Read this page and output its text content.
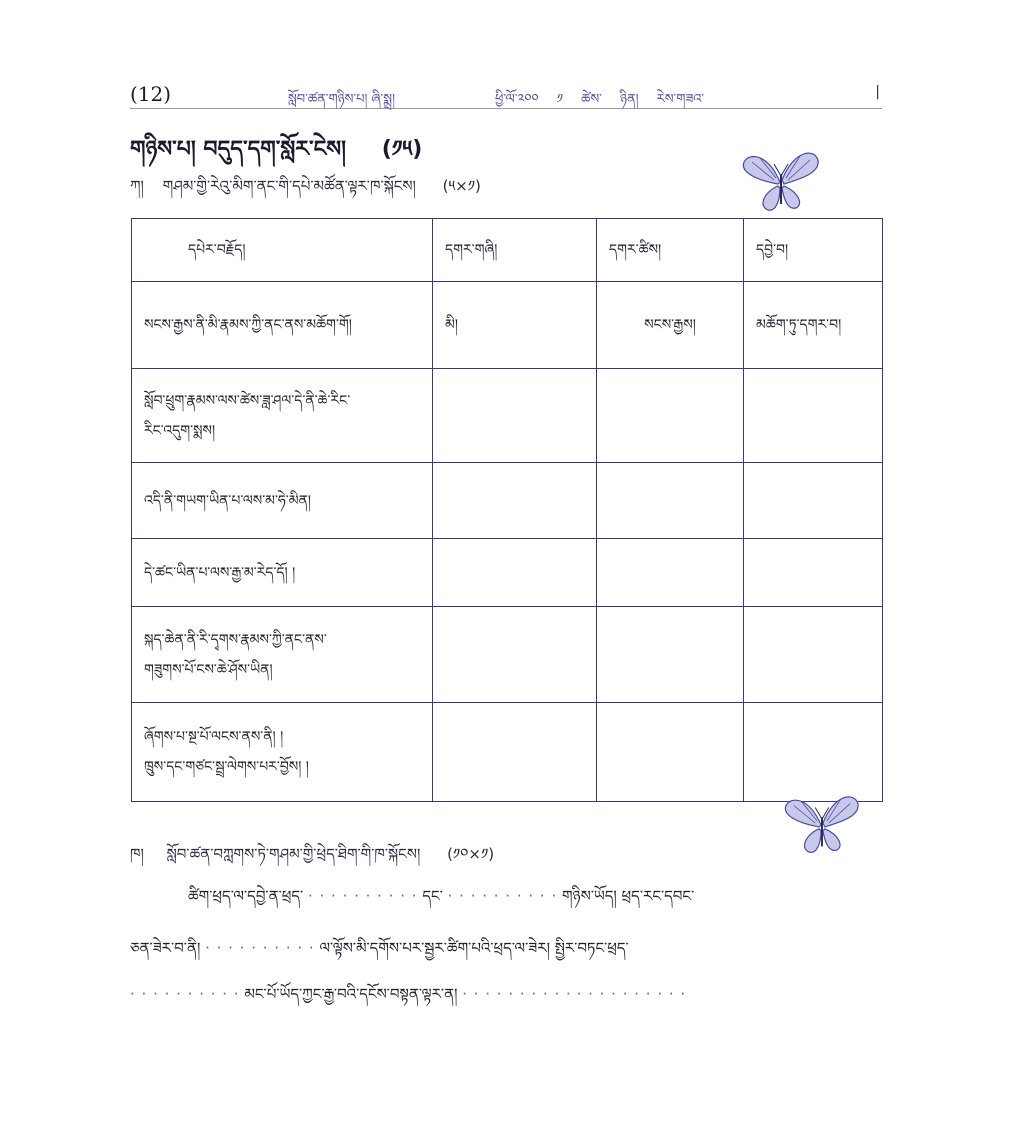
(12)	སློབ་ཚན་གཉིས་པ། ཞི་སྨྲ།	ཕྱི་ལོ་༢༠༠ ༡ ཚེས་ ཉིན། རེས་གཟའ་	|
གཉིས་པ། བདུད་དག་སློར་ངེས། (༡༥)
ཀ། གཤམ་གྱི་རེའུ་མིག་ནང་གི་དཔེ་མཚོན་ལྟར་ཁ་སྐོངས། (༥×༡)
དཔེར་བརྗོད།	དགར་གཞི།	དགར་ཚིས།	དབྱེ་བ།

སངས་རྒྱས་ནི་མི་རྣམས་ཀྱི་ནང་ནས་མཆོག་གོ།	མི།	སངས་རྒྱས།	མཆོག་ཏུ་དགར་བ།

སློབ་ཕྲུག་རྣམས་ལས་ཚེས་ཟླ་ཤལ་དེ་ནི་ཆེ་རིང་
རིང་འདུག་སྨས།			

འདི་ནི་གཡག་ཡིན་པ་ལས་མ་ཧེ་མིན།			

དེ་ཚང་ཡིན་པ་ལས་རྒྱ་མ་རེད་དོ། །			

སྐད་ཆེན་ནི་རི་དྭགས་རྣམས་ཀྱི་ནང་ནས་
གཟུགས་པོ་ངས་ཆེ་ཤོས་ཡིན།			

ཞོགས་པ་སྔ་པོ་ལངས་ནས་ནི། །
ཁྲུས་དང་གཙང་སྦྲ་ལེགས་པར་བྱོས། །			

ཁ། སློབ་ཚན་བཀླགས་ཏེ་གཤམ་གྱི་ཕྲེད་ཐིག་གི་ཁ་སྐོངས། (༡༠×༡)
ཚིག་ཕྲད་ལ་དབྱེ་ན་ཕྲད་ · · · · · · · · · · དང་ · · · · · · · · · · གཉིས་ཡོད། ཕྲད་རང་དབང་
ཅན་ཟེར་བ་ནི། · · · · · · · · · · ལ་ལྟོས་མི་དགོས་པར་སྦྱར་ཚིག་པའི་ཕྲད་ལ་ཟེར། སྤྱིར་བཏང་ཕྲད་
· · · · · · · · · · མང་པོ་ཡོད་ཀྱང་རྒྱ་བའི་དངོས་བསྟན་ལྟར་ན། · · · · · · · · · · · · · · · · · · · ·
